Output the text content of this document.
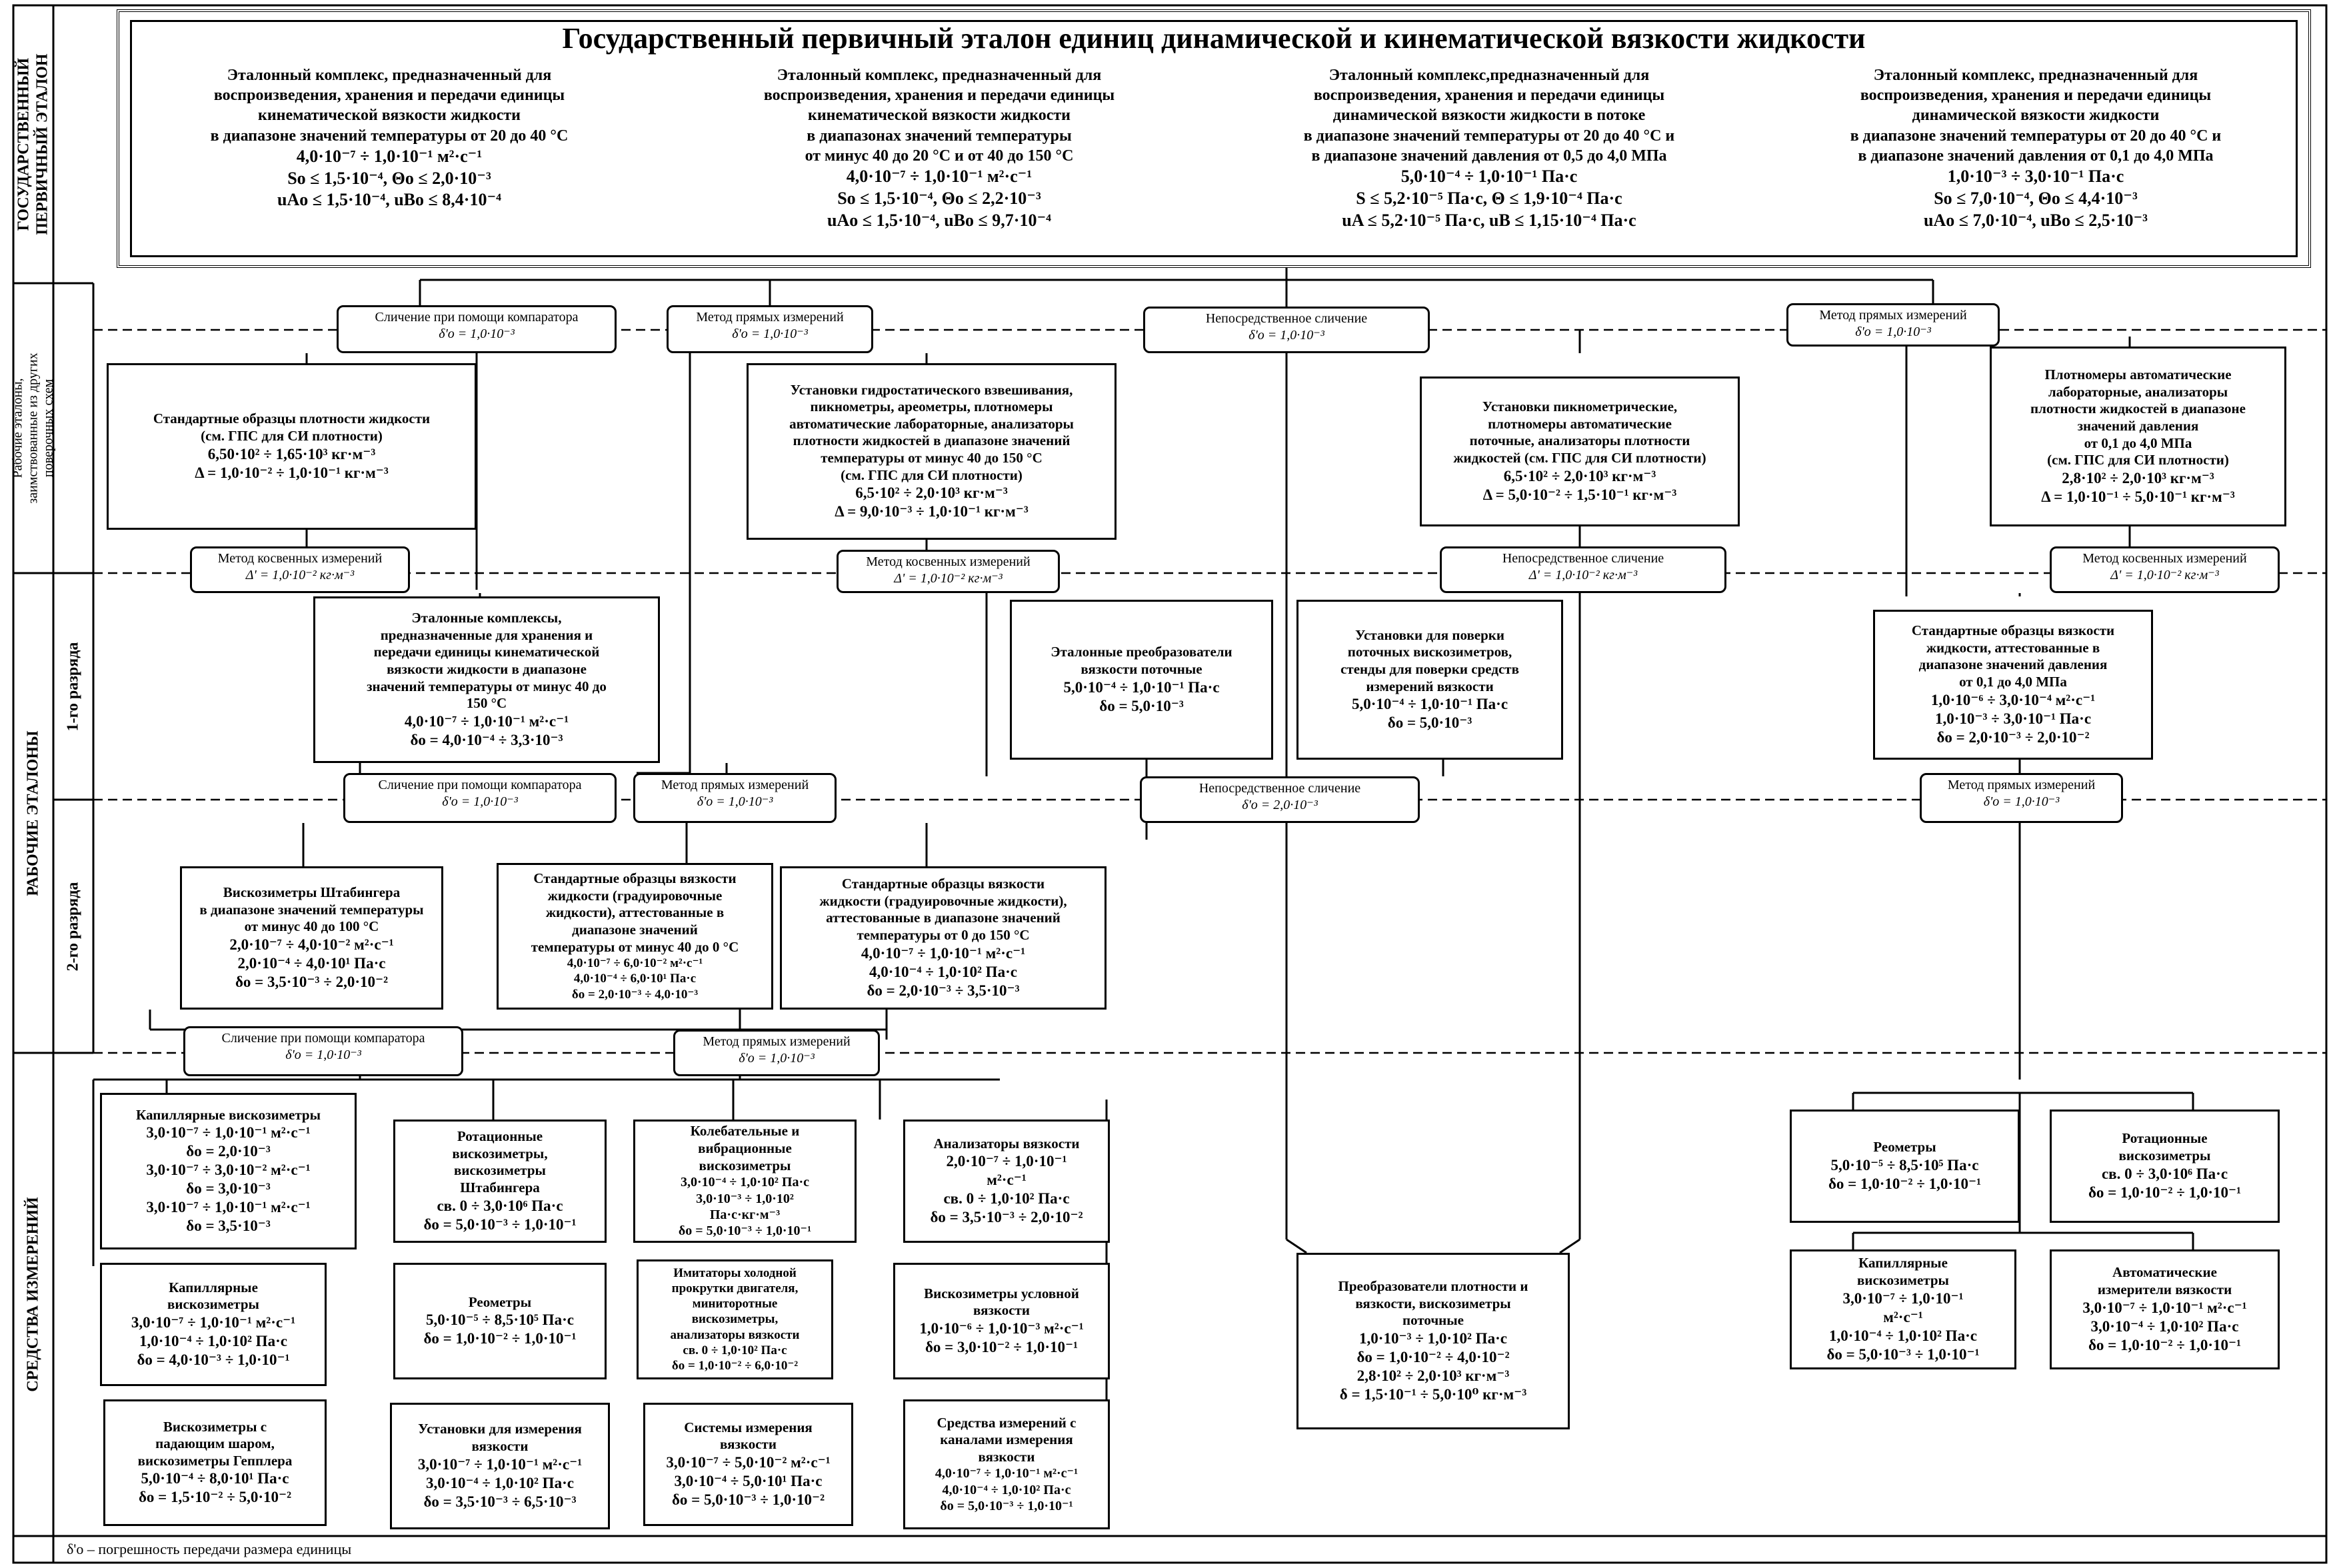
ГОСУДАРСТВЕННЫЙ ПЕРВИЧНЫЙ ЭТАЛОН
Рабочие эталоны, заимствованные из других поверочных схем
РАБОЧИЕ ЭТАЛОНЫ
1-го разряда
2-го разряда
СРЕДСТВА ИЗМЕРЕНИЙ
Государственный первичный эталон единиц динамической и кинематической вязкости жидкости
Эталонный комплекс, предназначенный для
воспроизведения, хранения и передачи единицы
кинематической вязкости жидкости
в диапазоне значений температуры от 20 до 40 °С
4,0·10⁻⁷ ÷ 1,0·10⁻¹ м²·с⁻¹
So ≤ 1,5·10⁻⁴, Θo ≤ 2,0·10⁻³
uAo ≤ 1,5·10⁻⁴, uBo ≤ 8,4·10⁻⁴
Эталонный комплекс, предназначенный для
воспроизведения, хранения и передачи единицы
кинематической вязкости жидкости
в диапазонах значений температуры
от минус 40 до 20 °С и от 40 до 150 °С
4,0·10⁻⁷ ÷ 1,0·10⁻¹ м²·с⁻¹
So ≤ 1,5·10⁻⁴, Θo ≤ 2,2·10⁻³
uAo ≤ 1,5·10⁻⁴, uBo ≤ 9,7·10⁻⁴
Эталонный комплекс,предназначенный для
воспроизведения, хранения и передачи единицы
динамической вязкости жидкости в потоке
в диапазоне значений температуры от 20 до 40 °С и
в диапазоне значений давления от 0,5 до 4,0 МПа
5,0·10⁻⁴ ÷ 1,0·10⁻¹ Па·с
S ≤ 5,2·10⁻⁵ Па·с, Θ ≤ 1,9·10⁻⁴ Па·с
uA ≤ 5,2·10⁻⁵ Па·с, uB ≤ 1,15·10⁻⁴ Па·с
Эталонный комплекс, предназначенный для
воспроизведения, хранения и передачи единицы
динамической вязкости жидкости
в диапазоне значений температуры от 20 до 40 °С и
в диапазоне значений давления от 0,1 до 4,0 МПа
1,0·10⁻³ ÷ 3,0·10⁻¹ Па·с
So ≤ 7,0·10⁻⁴, Θo ≤ 4,4·10⁻³
uAo ≤ 7,0·10⁻⁴, uBo ≤ 2,5·10⁻³
Сличение при помощи компаратора
δ'o = 1,0·10⁻³
Метод прямых измерений
δ'o = 1,0·10⁻³
Непосредственное сличение
δ'o = 1,0·10⁻³
Метод прямых измерений
δ'o = 1,0·10⁻³
Метод косвенных измерений
Δ' = 1,0·10⁻² кг·м⁻³
Метод косвенных измерений
Δ' = 1,0·10⁻² кг·м⁻³
Непосредственное сличение
Δ' = 1,0·10⁻² кг·м⁻³
Метод косвенных измерений
Δ' = 1,0·10⁻² кг·м⁻³
Сличение при помощи компаратора
δ'o = 1,0·10⁻³
Метод прямых измерений
δ'o = 1,0·10⁻³
Непосредственное сличение
δ'o = 2,0·10⁻³
Метод прямых измерений
δ'o = 1,0·10⁻³
Сличение при помощи компаратора
δ'o = 1,0·10⁻³
Метод прямых измерений
δ'o = 1,0·10⁻³
Стандартные образцы плотности жидкости
(см. ГПС для СИ плотности)
6,50·10² ÷ 1,65·10³ кг·м⁻³
Δ = 1,0·10⁻² ÷ 1,0·10⁻¹ кг·м⁻³
Установки гидростатического взвешивания,
пикнометры, ареометры, плотномеры
автоматические лабораторные, анализаторы
плотности жидкостей в диапазоне значений
температуры от минус 40 до 150 °С
(см. ГПС для СИ плотности)
6,5·10² ÷ 2,0·10³ кг·м⁻³
Δ = 9,0·10⁻³ ÷ 1,0·10⁻¹ кг·м⁻³
Установки пикнометрические,
плотномеры автоматические
поточные, анализаторы плотности
жидкостей (см. ГПС для СИ плотности)
6,5·10² ÷ 2,0·10³ кг·м⁻³
Δ = 5,0·10⁻² ÷ 1,5·10⁻¹ кг·м⁻³
Плотномеры автоматические
лабораторные, анализаторы
плотности жидкостей в диапазоне
значений давления
от 0,1 до 4,0 МПа
(см. ГПС для СИ плотности)
2,8·10² ÷ 2,0·10³ кг·м⁻³
Δ = 1,0·10⁻¹ ÷ 5,0·10⁻¹ кг·м⁻³
Эталонные комплексы,
предназначенные для хранения и
передачи единицы кинематической
вязкости жидкости в диапазоне
значений температуры от минус 40 до
150 °С
4,0·10⁻⁷ ÷ 1,0·10⁻¹ м²·с⁻¹
δo = 4,0·10⁻⁴ ÷ 3,3·10⁻³
Эталонные преобразователи
вязкости поточные
5,0·10⁻⁴ ÷ 1,0·10⁻¹ Па·с
δo = 5,0·10⁻³
Установки для поверки
поточных вискозиметров,
стенды для поверки средств
измерений вязкости
5,0·10⁻⁴ ÷ 1,0·10⁻¹ Па·с
δo = 5,0·10⁻³
Стандартные образцы вязкости
жидкости, аттестованные в
диапазоне значений давления
от 0,1 до 4,0 МПа
1,0·10⁻⁶ ÷ 3,0·10⁻⁴ м²·с⁻¹
1,0·10⁻³ ÷ 3,0·10⁻¹ Па·с
δo = 2,0·10⁻³ ÷ 2,0·10⁻²
Вискозиметры Штабингера
в диапазоне значений температуры
от минус 40 до 100 °С
2,0·10⁻⁷ ÷ 4,0·10⁻² м²·с⁻¹
2,0·10⁻⁴ ÷ 4,0·10¹ Па·с
δo = 3,5·10⁻³ ÷ 2,0·10⁻²
Стандартные образцы вязкости
жидкости (градуировочные
жидкости), аттестованные в
диапазоне значений
температуры от минус 40 до 0 °С
4,0·10⁻⁷ ÷ 6,0·10⁻² м²·с⁻¹
4,0·10⁻⁴ ÷ 6,0·10¹ Па·с
δo = 2,0·10⁻³ ÷ 4,0·10⁻³
Стандартные образцы вязкости
жидкости (градуировочные жидкости),
аттестованные в диапазоне значений
температуры от 0 до 150 °С
4,0·10⁻⁷ ÷ 1,0·10⁻¹ м²·с⁻¹
4,0·10⁻⁴ ÷ 1,0·10² Па·с
δo = 2,0·10⁻³ ÷ 3,5·10⁻³
Капиллярные вискозиметры
3,0·10⁻⁷ ÷ 1,0·10⁻¹ м²·с⁻¹
δo = 2,0·10⁻³
3,0·10⁻⁷ ÷ 3,0·10⁻² м²·с⁻¹
δo = 3,0·10⁻³
3,0·10⁻⁷ ÷ 1,0·10⁻¹ м²·с⁻¹
δo = 3,5·10⁻³
Ротационные
вискозиметры,
вискозиметры
Штабингера
св. 0 ÷ 3,0·10⁶ Па·с
δo = 5,0·10⁻³ ÷ 1,0·10⁻¹
Колебательные и
вибрационные
вискозиметры
3,0·10⁻⁴ ÷ 1,0·10² Па·с
3,0·10⁻³ ÷ 1,0·10²
Па·с·кг·м⁻³
δo = 5,0·10⁻³ ÷ 1,0·10⁻¹
Анализаторы вязкости
2,0·10⁻⁷ ÷ 1,0·10⁻¹
м²·с⁻¹
св. 0 ÷ 1,0·10² Па·с
δo = 3,5·10⁻³ ÷ 2,0·10⁻²
Капиллярные
вискозиметры
3,0·10⁻⁷ ÷ 1,0·10⁻¹ м²·с⁻¹
1,0·10⁻⁴ ÷ 1,0·10² Па·с
δo = 4,0·10⁻³ ÷ 1,0·10⁻¹
Реометры
5,0·10⁻⁵ ÷ 8,5·10⁵ Па·с
δo = 1,0·10⁻² ÷ 1,0·10⁻¹
Имитаторы холодной
прокрутки двигателя,
миниторотные
вискозиметры,
анализаторы вязкости
св. 0 ÷ 1,0·10² Па·с
δo = 1,0·10⁻² ÷ 6,0·10⁻²
Вискозиметры условной
вязкости
1,0·10⁻⁶ ÷ 1,0·10⁻³ м²·с⁻¹
δo = 3,0·10⁻² ÷ 1,0·10⁻¹
Вискозиметры с
падающим шаром,
вискозиметры Гепплера
5,0·10⁻⁴ ÷ 8,0·10¹ Па·с
δo = 1,5·10⁻² ÷ 5,0·10⁻²
Установки для измерения
вязкости
3,0·10⁻⁷ ÷ 1,0·10⁻¹ м²·с⁻¹
3,0·10⁻⁴ ÷ 1,0·10² Па·с
δo = 3,5·10⁻³ ÷ 6,5·10⁻³
Системы измерения
вязкости
3,0·10⁻⁷ ÷ 5,0·10⁻² м²·с⁻¹
3,0·10⁻⁴ ÷ 5,0·10¹ Па·с
δo = 5,0·10⁻³ ÷ 1,0·10⁻²
Средства измерений с
каналами измерения
вязкости
4,0·10⁻⁷ ÷ 1,0·10⁻¹ м²·с⁻¹
4,0·10⁻⁴ ÷ 1,0·10² Па·с
δo = 5,0·10⁻³ ÷ 1,0·10⁻¹
Преобразователи плотности и
вязкости, вискозиметры
поточные
1,0·10⁻³ ÷ 1,0·10² Па·с
δo = 1,0·10⁻² ÷ 4,0·10⁻²
2,8·10² ÷ 2,0·10³ кг·м⁻³
δ = 1,5·10⁻¹ ÷ 5,0·10⁰ кг·м⁻³
Реометры
5,0·10⁻⁵ ÷ 8,5·10⁵ Па·с
δo = 1,0·10⁻² ÷ 1,0·10⁻¹
Ротационные
вискозиметры
св. 0 ÷ 3,0·10⁶ Па·с
δo = 1,0·10⁻² ÷ 1,0·10⁻¹
Капиллярные
вискозиметры
3,0·10⁻⁷ ÷ 1,0·10⁻¹
м²·с⁻¹
1,0·10⁻⁴ ÷ 1,0·10² Па·с
δo = 5,0·10⁻³ ÷ 1,0·10⁻¹
Автоматические
измерители вязкости
3,0·10⁻⁷ ÷ 1,0·10⁻¹ м²·с⁻¹
3,0·10⁻⁴ ÷ 1,0·10² Па·с
δo = 1,0·10⁻² ÷ 1,0·10⁻¹
δ'o – погрешность передачи размера единицы
